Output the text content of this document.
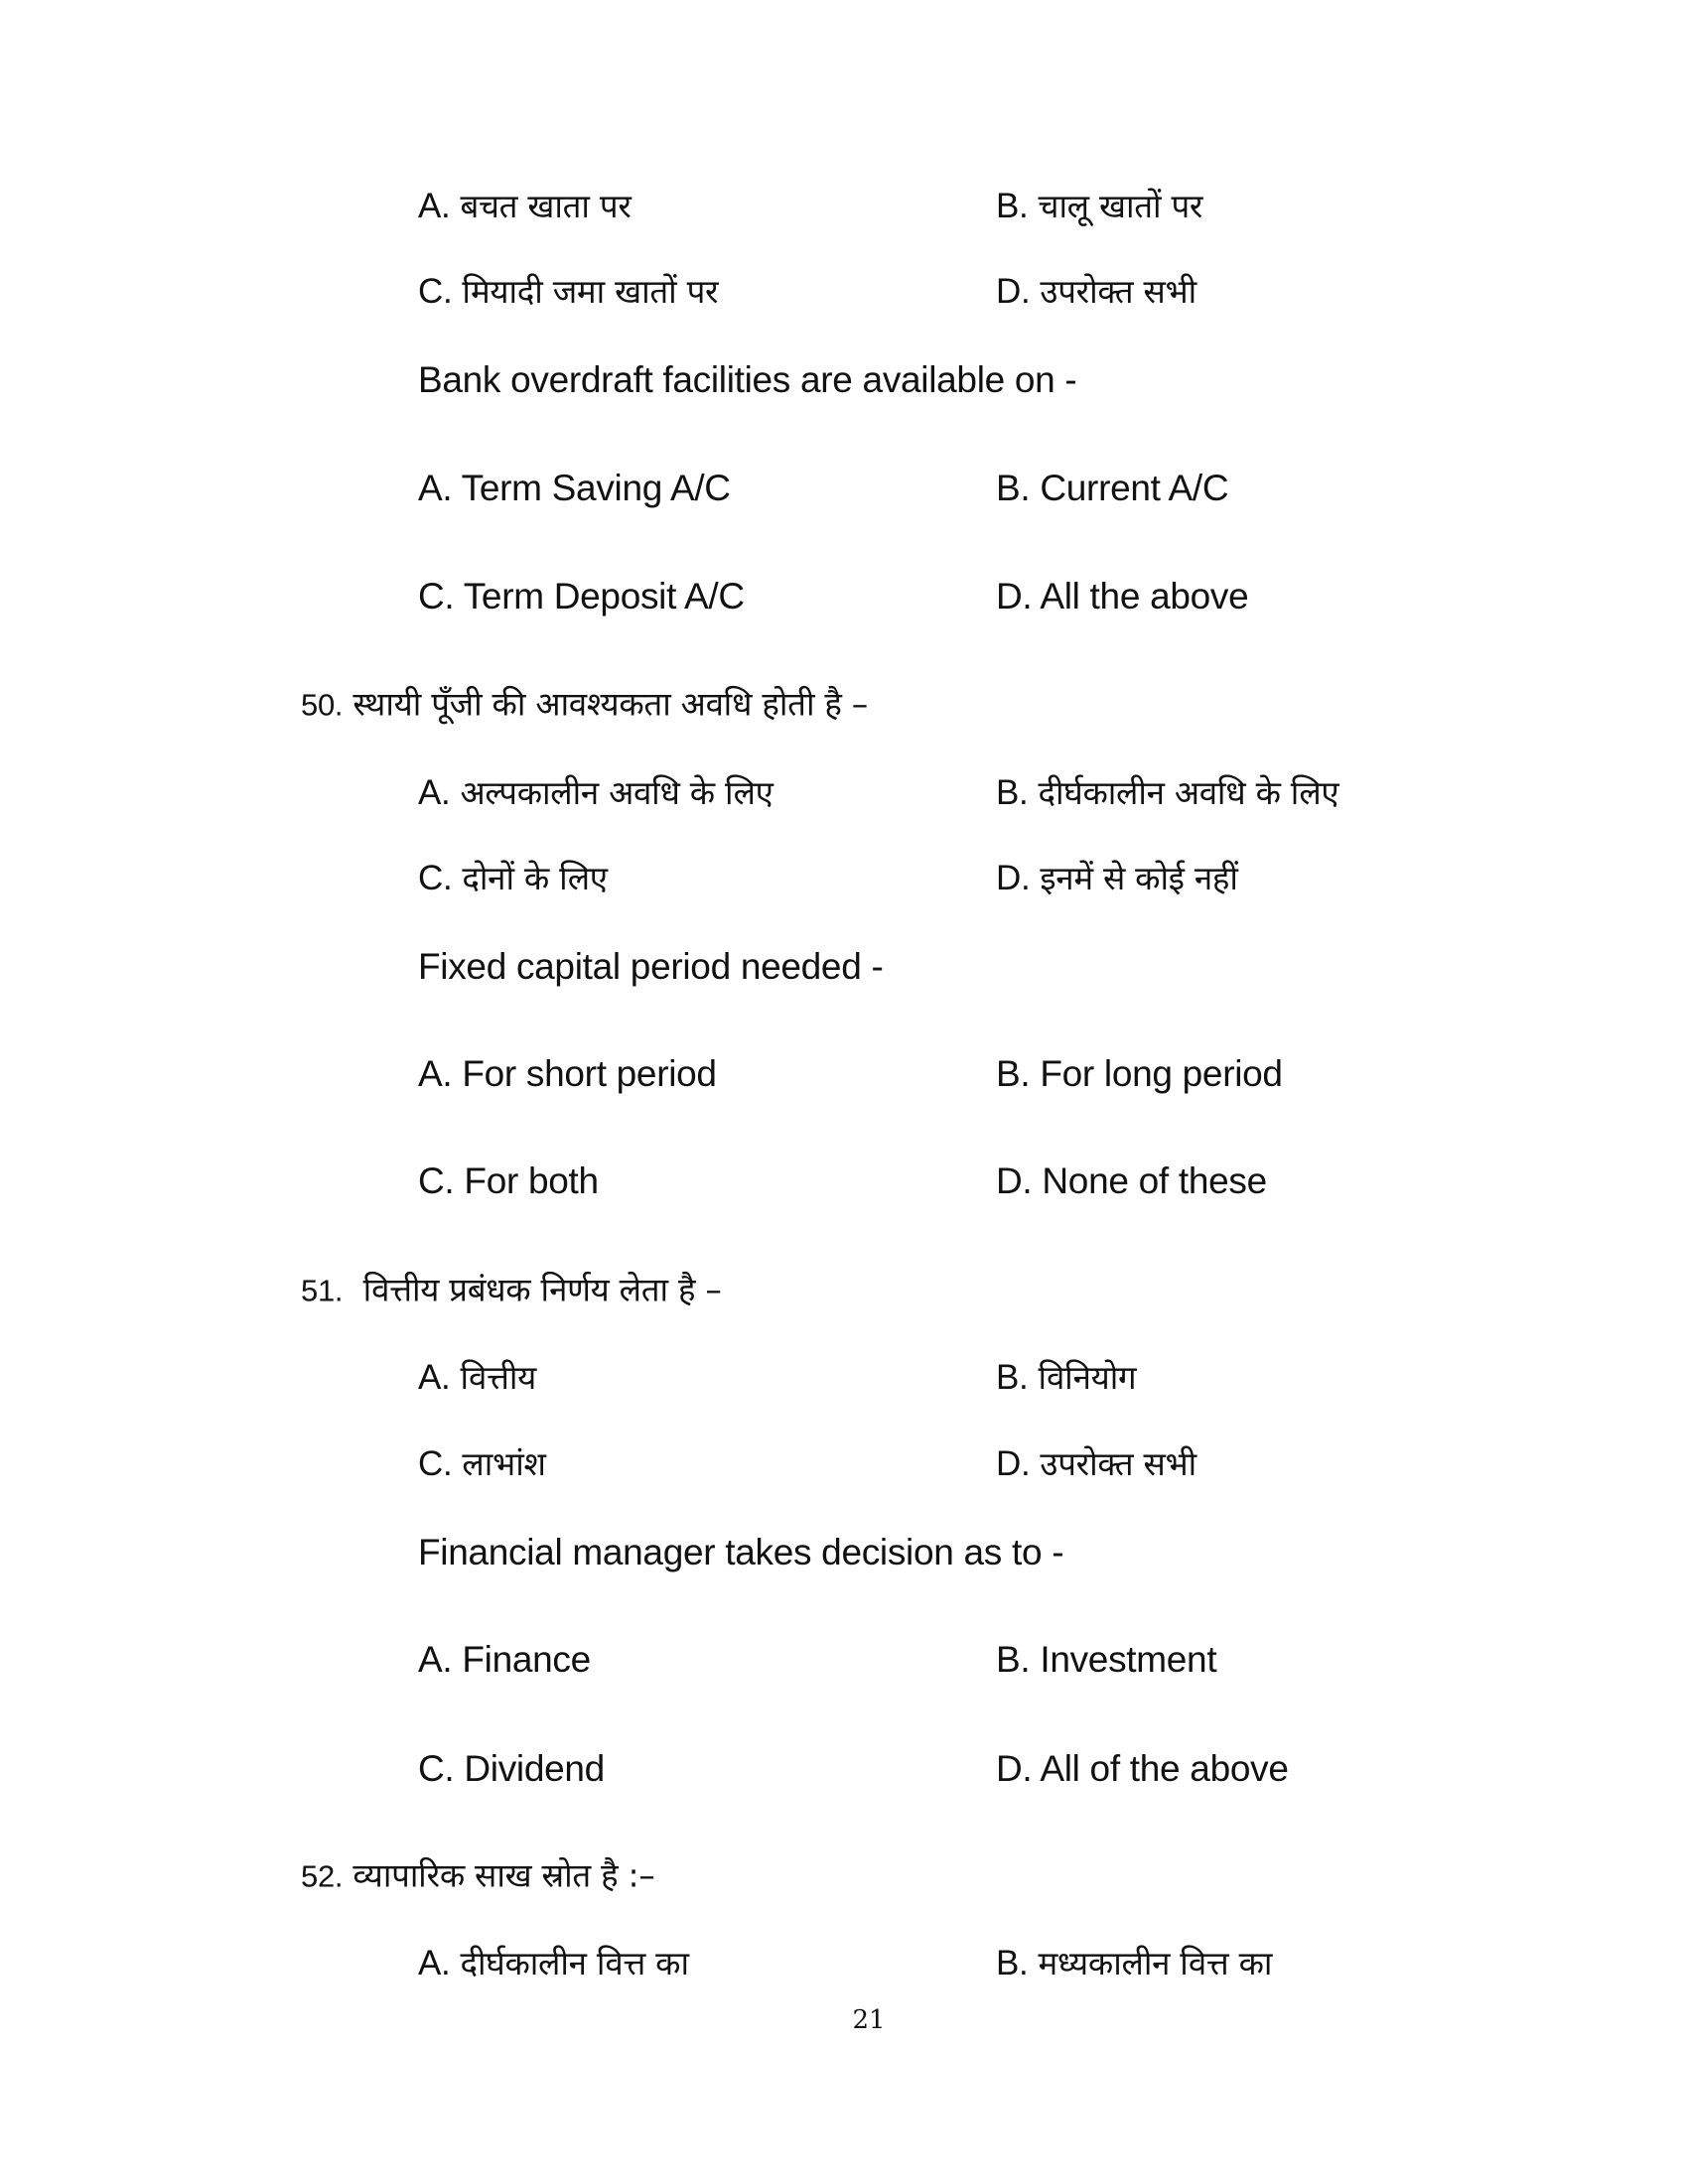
A. बचत खाता पर	B. चालू खातों पर
C. मियादी जमा खातों पर	D. उपरोक्त सभी
Bank overdraft facilities are available on -
A. Term Saving A/C	B. Current A/C
C. Term Deposit A/C	D. All the above
50. स्थायी पूँजी की आवश्यकता अवधि होती है –
A. अल्पकालीन अवधि के लिए	B. दीर्घकालीन अवधि के लिए
C. दोनों के लिए	D. इनमें से कोई नहीं
Fixed capital period needed -
A. For short period	B. For long period
C. For both	D. None of these
51. वित्तीय प्रबंधक निर्णय लेता है –
A. वित्तीय	B. विनियोग
C. लाभांश	D. उपरोक्त सभी
Financial manager takes decision as to -
A. Finance	B. Investment
C. Dividend	D. All of the above
52. व्यापारिक साख स्रोत है :–
A. दीर्घकालीन वित्त का	B. मध्यकालीन वित्त का
21
